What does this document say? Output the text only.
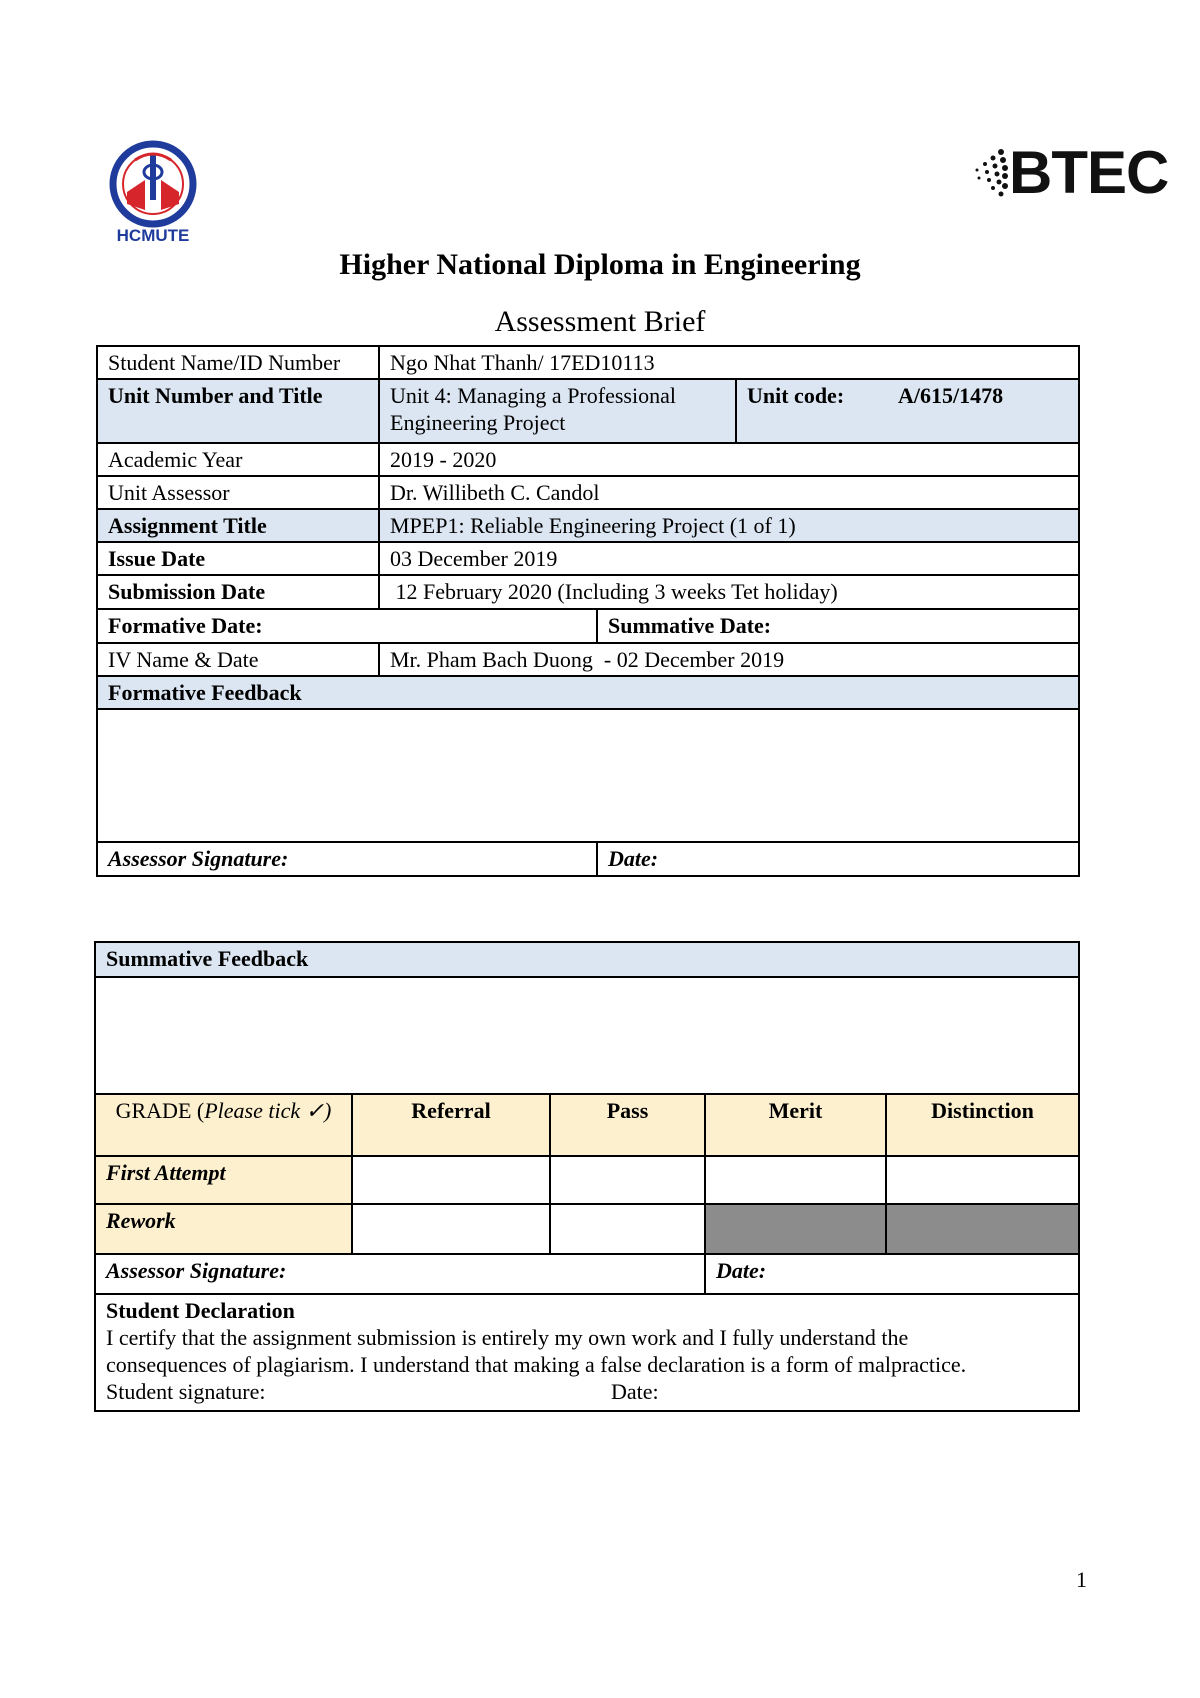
HCMUTE
BTEC
Higher National Diploma in Engineering
Assessment Brief
Student Name/ID Number	Ngo Nhat Thanh/ 17ED10113		
Unit Number and Title	Unit 4: Managing a Professional Engineering Project		Unit code: A/615/1478
Academic Year	2019 - 2020		
Unit Assessor	Dr. Willibeth C. Candol		
Assignment Title	MPEP1: Reliable Engineering Project (1 of 1)		
Issue Date	03 December 2019		
Submission Date	12 February 2020 (Including 3 weeks Tet holiday)		
Formative Date:		Summative Date:	
IV Name & Date	Mr. Pham Bach Duong  - 02 December 2019		
Formative Feedback			

Assessor Signature:		Date:	
Summative Feedback				

GRADE (Please tick ✓)	Referral	Pass	Merit	Distinction
First Attempt				
Rework				
Assessor Signature:			Date:	

Student Declaration
I certify that the assignment submission is entirely my own work and I fully understand the
consequences of plagiarism. I understand that making a false declaration is a form of malpractice.
Student signature: Date:				
1
